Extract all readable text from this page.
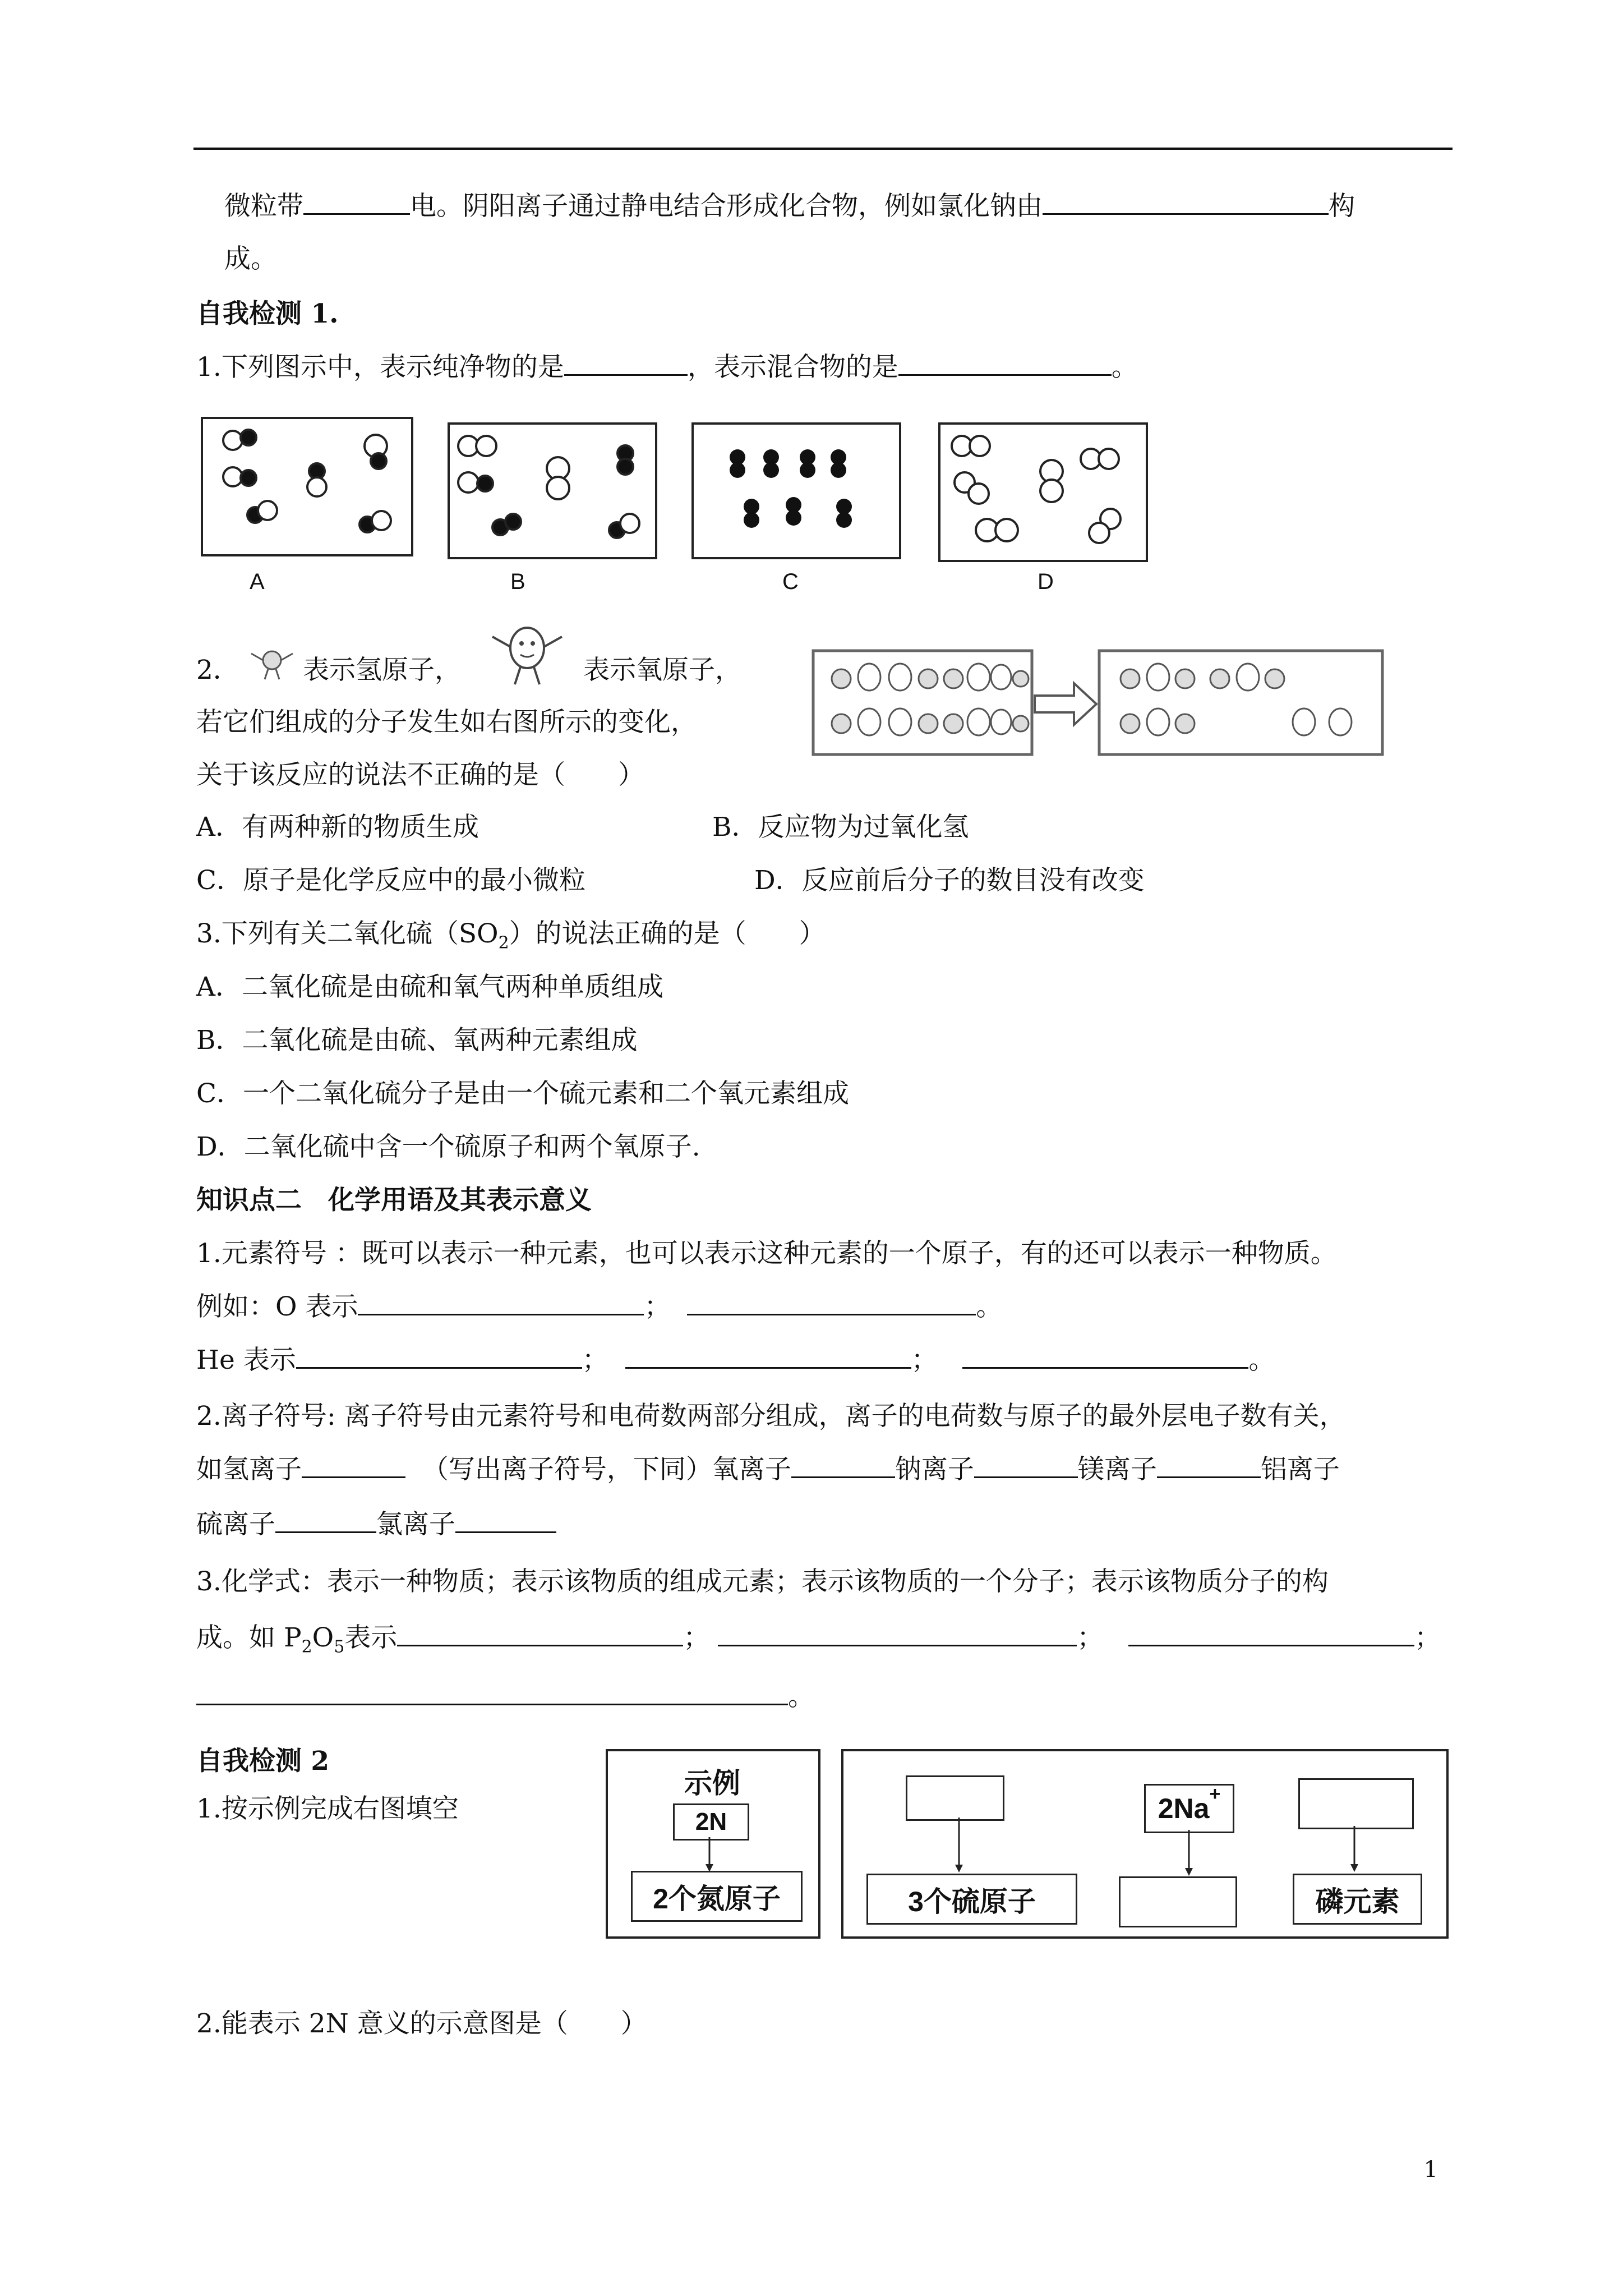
微粒带	电。阴阳离子通过静电结合形成化合物，例如氯化钠由	构
成。
自我检测 1.
1.下列图示中，表示纯净物的是	，表示混合物的是	。
A	B	C	D
2． 表示氢原子，	表示氧原子，
若它们组成的分子发生如右图所示的变化，
关于该反应的说法不正确的是（　　）
A．有两种新的物质生成	B．反应物为过氧化氢
C．原子是化学反应中的最小微粒	D．反应前后分子的数目没有改变
3.下列有关二氧化硫$(SO_2)$的说法正确的是（　　）
A．二氧化硫是由硫和氧气两种单质组成
B．二氧化硫是由硫、氧两种元素组成
C．一个二氧化硫分子是由一个硫元素和二个氧元素组成
D．二氧化硫中含一个硫原子和两个氧原子.
知识点二　化学用语及其表示意义
1.元素符号 ：既可以表示一种元素，也可以表示这种元素的一个原子，有的还可以表示一种物质。
例如：O 表示	；	。
He 表示	；	；	。
2.离子符号: 离子符号由元素符号和电荷数两部分组成，离子的电荷数与原子的最外层电子数有关，
如氢离子	（写出离子符号，下同）氧离子	钠离子	镁离子	铝离子
硫离子	氯离子
3.化学式：表示一种物质；表示该物质的组成元素；表示该物质的一个分子；表示该物质分子的构
成。如 $P_2O_5$表示	；	；	；
。
自我检测 2
1.按示例完成右图填空
示例
2N
2个氮原子
2Na+
3个硫原子	磷元素
2.能表示 2N 意义的示意图是（　　）
1
